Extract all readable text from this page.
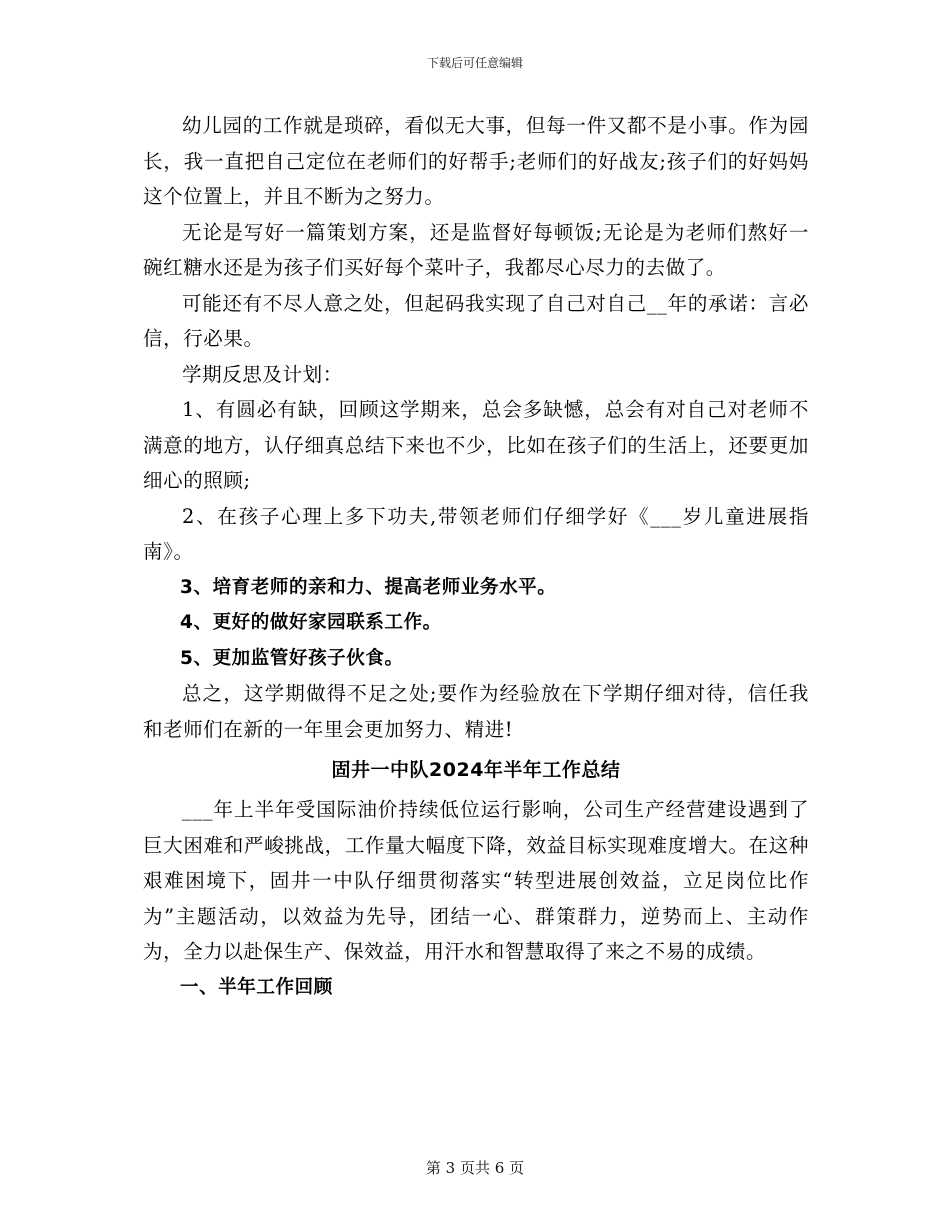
下载后可任意编辑

幼儿园的工作就是琐碎，看似无大事，但每一件又都不是小事。作为园长，我一直把自己定位在老师们的好帮手;老师们的好战友;孩子们的好妈妈这个位置上，并且不断为之努力。

无论是写好一篇策划方案，还是监督好每顿饭;无论是为老师们熬好一碗红糖水还是为孩子们买好每个菜叶子，我都尽心尽力的去做了。

可能还有不尽人意之处，但起码我实现了自己对自己__年的承诺：言必信，行必果。

学期反思及计划：

1、有圆必有缺，回顾这学期来，总会多缺憾，总会有对自己对老师不满意的地方，认仔细真总结下来也不少，比如在孩子们的生活上，还要更加细心的照顾;

2、在孩子心理上多下功夫,带领老师们仔细学好《___岁儿童进展指南》。

3、培育老师的亲和力、提高老师业务水平。

4、更好的做好家园联系工作。

5、更加监管好孩子伙食。

总之，这学期做得不足之处;要作为经验放在下学期仔细对待，信任我和老师们在新的一年里会更加努力、精进!

固井一中队2024年半年工作总结

___年上半年受国际油价持续低位运行影响，公司生产经营建设遇到了巨大困难和严峻挑战，工作量大幅度下降，效益目标实现难度增大。在这种艰难困境下，固井一中队仔细贯彻落实“转型进展创效益，立足岗位比作为”主题活动，以效益为先导，团结一心、群策群力，逆势而上、主动作为，全力以赴保生产、保效益，用汗水和智慧取得了来之不易的成绩。

一、半年工作回顾

第 3 页共 6 页
